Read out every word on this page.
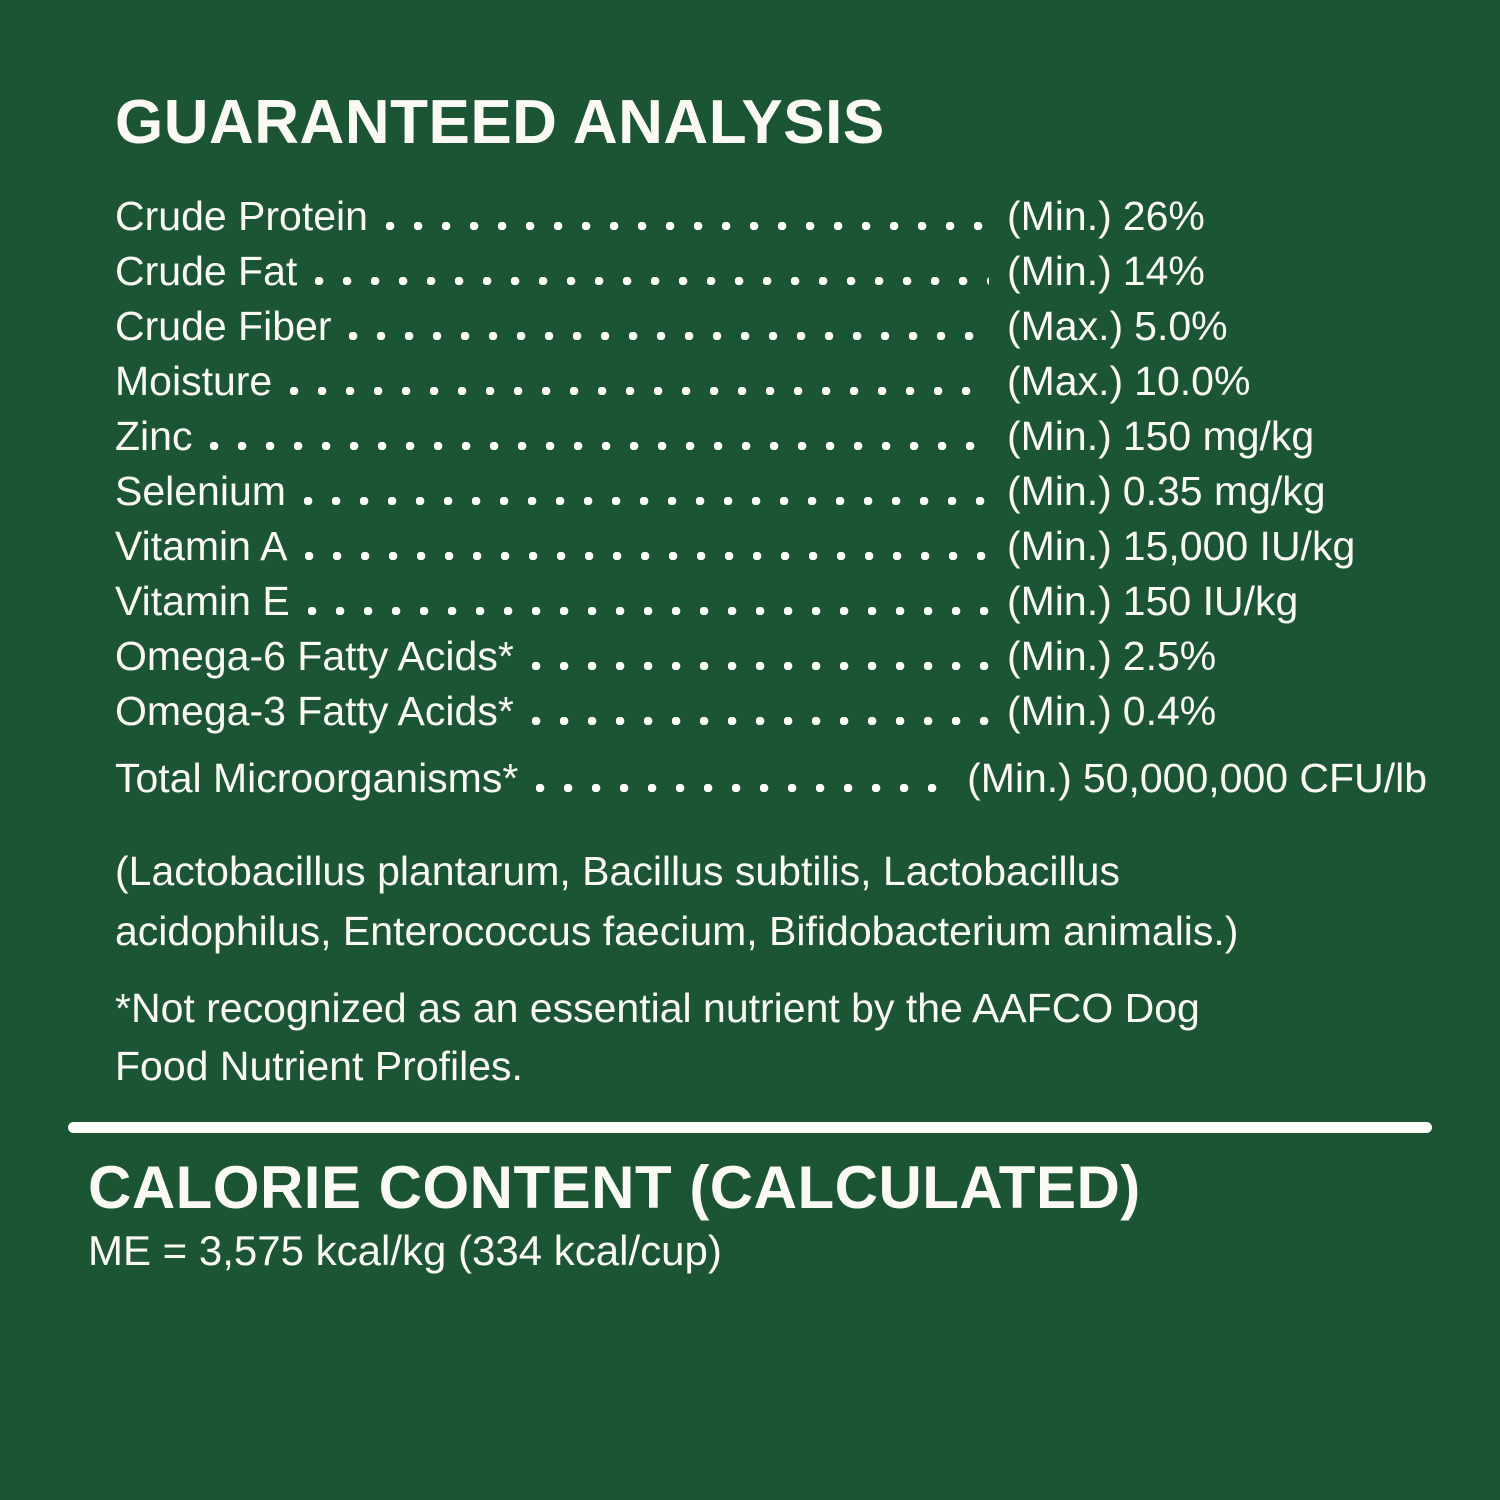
GUARANTEED ANALYSIS
Crude Protein	(Min.) 26%
Crude Fat	(Min.) 14%
Crude Fiber	(Max.) 5.0%
Moisture	(Max.) 10.0%
Zinc	(Min.) 150 mg/kg
Selenium	(Min.) 0.35 mg/kg
Vitamin A	(Min.) 15,000 IU/kg
Vitamin E	(Min.) 150 IU/kg
Omega-6 Fatty Acids*	(Min.) 2.5%
Omega-3 Fatty Acids*	(Min.) 0.4%
Total Microorganisms*	(Min.) 50,000,000 CFU/lb
(Lactobacillus plantarum, Bacillus subtilis, Lactobacillus
acidophilus, Enterococcus faecium, Bifidobacterium animalis.)
*Not recognized as an essential nutrient by the AAFCO Dog
Food Nutrient Profiles.
CALORIE CONTENT (CALCULATED)
ME = 3,575 kcal/kg (334 kcal/cup)
